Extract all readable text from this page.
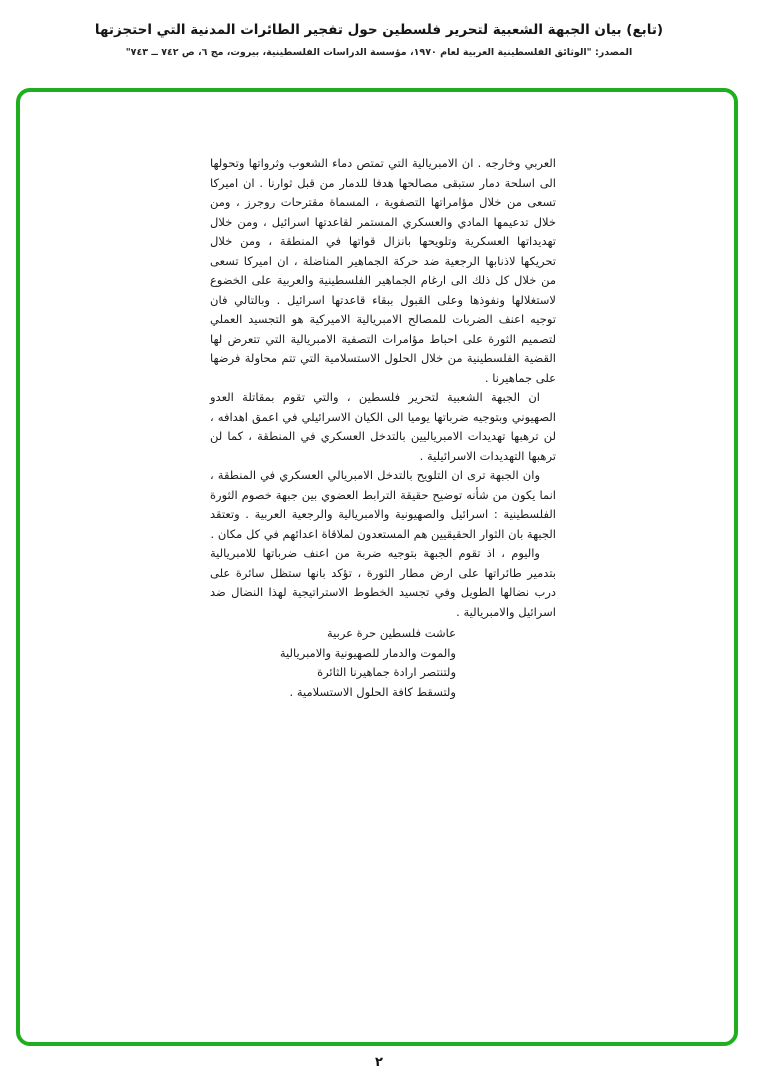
(تابع) بيان الجبهة الشعبية لتحرير فلسطين حول تفجير الطائرات المدنية التي احتجزتها
المصدر: "الوثائق الفلسطينية العربية لعام ١٩٧٠، مؤسسة الدراسات الفلسطينية، بيروت، مج ٦، ص ٧٤٢ ــ ٧٤٣"

العربي وخارجه . ان الامبريالية التي تمتص دماء الشعوب وثرواتها وتحولها الى اسلحة دمار ستبقى مصالحها هدفا للدمار من قبل ثوارنا . ان اميركا تسعى من خلال مؤامراتها التصفوية ، المسماة مقترحات روجرز ، ومن خلال تدعيمها المادي والعسكري المستمر لقاعدتها اسرائيل ، ومن خلال تهديداتها العسكرية وتلويحها بانزال قواتها في المنطقة ، ومن خلال تحريكها لاذنابها الرجعية ضد حركة الجماهير المناضلة ، ان اميركا تسعى من خلال كل ذلك الى ارغام الجماهير الفلسطينية والعربية على الخضوع لاستغلالها ونفوذها وعلى القبول ببقاء قاعدتها اسرائيل . وبالتالي فان توجيه اعنف الضربات للمصالح الامبريالية الاميركية هو التجسيد العملي لتصميم الثورة على احباط مؤامرات التصفية الامبريالية التي تتعرض لها القضية الفلسطينية من خلال الحلول الاستسلامية التي تتم محاولة فرضها على جماهيرنا .

ان الجبهة الشعبية لتحرير فلسطين ، والتي تقوم بمقاتلة العدو الصهيوني وبتوجيه ضرباتها يوميا الى الكيان الاسرائيلي في اعمق اهدافه ، لن ترهبها تهديدات الامبرياليين بالتدخل العسكري في المنطقة ، كما لن ترهبها التهديدات الاسرائيلية .

وان الجبهة ترى ان التلويح بالتدخل الامبريالي العسكري في المنطقة ، انما يكون من شأنه توضيح حقيقة الترابط العضوي بين جبهة خصوم الثورة الفلسطينية : اسرائيل والصهيونية والامبريالية والرجعية العربية . وتعتقد الجبهة بان الثوار الحقيقيين هم المستعدون لملاقاة اعدائهم في كل مكان .

واليوم ، اذ تقوم الجبهة بتوجيه ضربة من اعنف ضرباتها للامبريالية بتدمير طائراتها على ارض مطار الثورة ، تؤكد بانها ستظل سائرة على درب نضالها الطويل وفي تجسيد الخطوط الاستراتيجية لهذا النضال ضد اسرائيل والامبريالية .

عاشت فلسطين حرة عربية

والموت والدمار للصهيونية والامبريالية

ولتنتصر ارادة جماهيرنا الثائرة

ولتسقط كافة الحلول الاستسلامية .

٢
